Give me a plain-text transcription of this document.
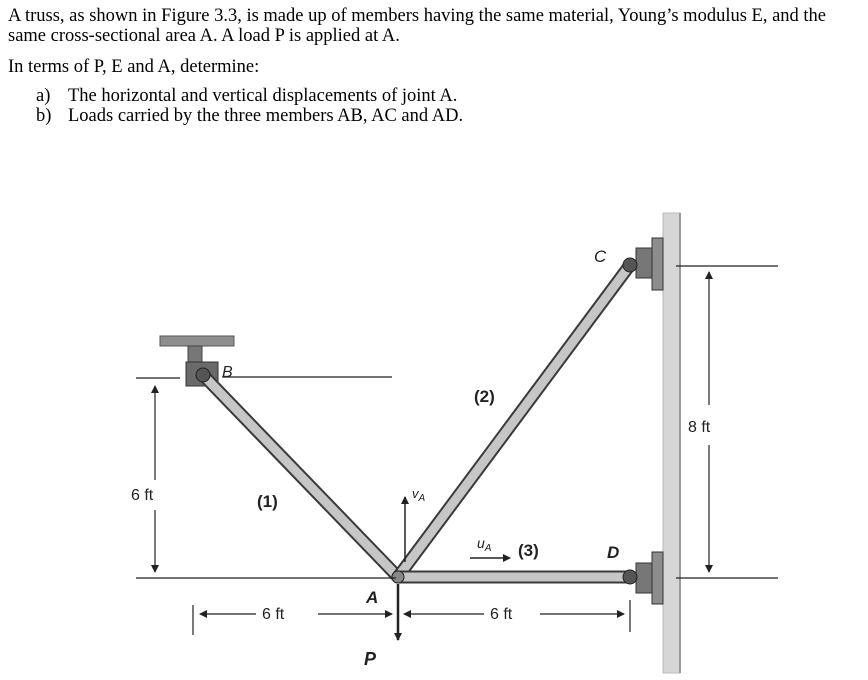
A truss, as shown in Figure 3.3, is made up of members having the same material, Young’s modulus E, and the same cross-sectional area A. A load P is applied at A.

In terms of P, E and A, determine:

a) The horizontal and vertical displacements of joint A.
b) Loads carried by the three members AB, AC and AD.
B
C
D
A
(2)
(1)
(3)
P
$v_A$
$u_A$
6 ft
8 ft
6 ft	6 ft
